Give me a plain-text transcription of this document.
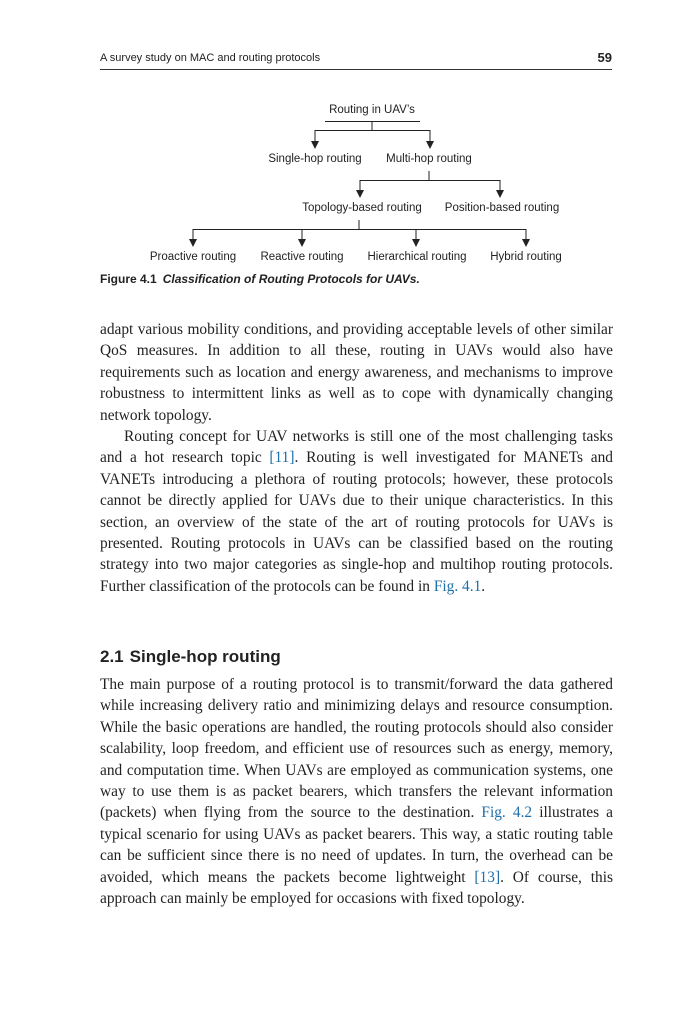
A survey study on MAC and routing protocols	59
Routing in UAV’s
Single-hop routing Multi-hop routing
Topology-based routing Position-based routing
Proactive routing Reactive routing Hierarchical routing Hybrid routing
Figure 4.1 Classification of Routing Protocols for UAVs.

adapt various mobility conditions, and providing acceptable levels of other similar QoS measures. In addition to all these, routing in UAVs would also have requirements such as location and energy awareness, and mechanisms to improve robustness to intermittent links as well as to cope with dynamically changing network topology.

Routing concept for UAV networks is still one of the most challenging tasks and a hot research topic [11]. Routing is well investigated for MANETs and VANETs introducing a plethora of routing protocols; however, these protocols cannot be directly applied for UAVs due to their unique characteristics. In this section, an overview of the state of the art of routing protocols for UAVs is presented. Routing protocols in UAVs can be classified based on the routing strategy into two major categories as single-hop and multihop routing protocols. Further classification of the protocols can be found in Fig. 4.1.

2.1 Single-hop routing

The main purpose of a routing protocol is to transmit/forward the data gathered while increasing delivery ratio and minimizing delays and resource consumption. While the basic operations are handled, the routing protocols should also consider scalability, loop freedom, and efficient use of resources such as energy, memory, and computation time. When UAVs are employed as communication systems, one way to use them is as packet bearers, which transfers the relevant information (packets) when flying from the source to the destination. Fig. 4.2 illustrates a typical scenario for using UAVs as packet bearers. This way, a static routing table can be sufficient since there is no need of updates. In turn, the overhead can be avoided, which means the packets become lightweight [13]. Of course, this approach can mainly be employed for occasions with fixed topology.
